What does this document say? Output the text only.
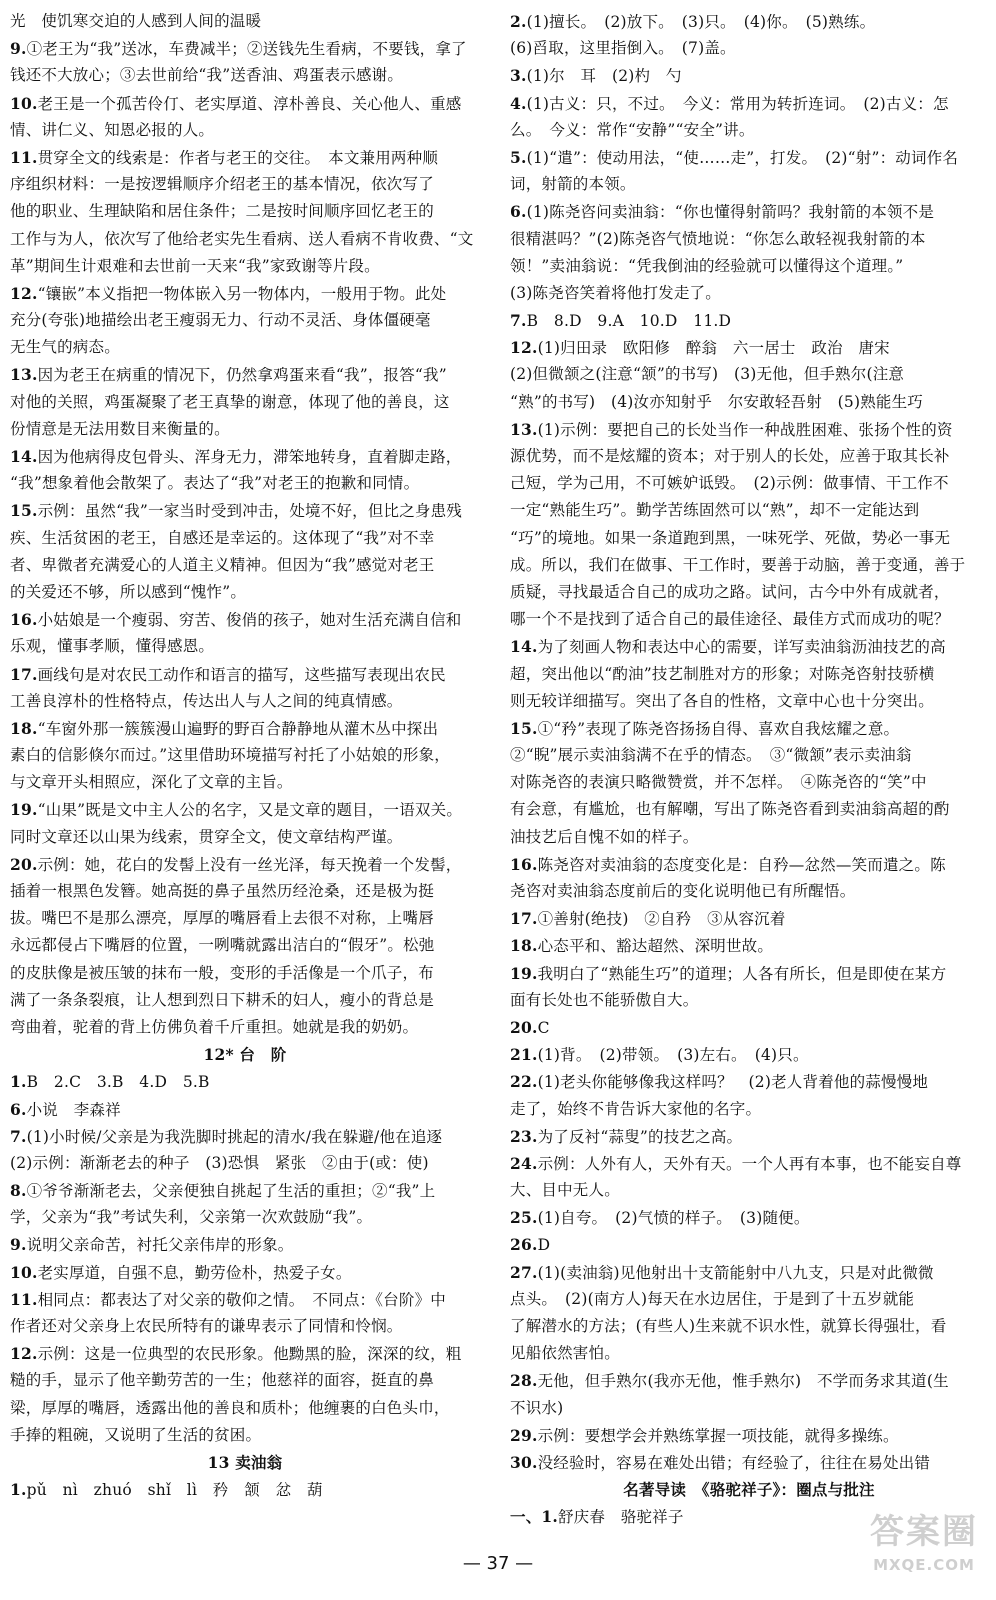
光　使饥寒交迫的人感到人间的温暖
9.①老王为“我”送冰，车费减半；②送钱先生看病，不要钱，拿了
钱还不大放心；③去世前给“我”送香油、鸡蛋表示感谢。
10.老王是一个孤苦伶仃、老实厚道、淳朴善良、关心他人、重感
情、讲仁义、知恩必报的人。
11.贯穿全文的线索是：作者与老王的交往。　本文兼用两种顺
序组织材料：一是按逻辑顺序介绍老王的基本情况，依次写了
他的职业、生理缺陷和居住条件；二是按时间顺序回忆老王的
工作与为人，依次写了他给老实先生看病、送人看病不肯收费、“文
革”期间生计艰难和去世前一天来“我”家致谢等片段。
12.“镶嵌”本义指把一物体嵌入另一物体内，一般用于物。此处
充分(夸张)地描绘出老王瘦弱无力、行动不灵活、身体僵硬毫
无生气的病态。
13.因为老王在病重的情况下，仍然拿鸡蛋来看“我”，报答“我”
对他的关照，鸡蛋凝聚了老王真挚的谢意，体现了他的善良，这
份情意是无法用数目来衡量的。
14.因为他病得皮包骨头、浑身无力，滞笨地转身，直着脚走路，
“我”想象着他会散架了。表达了“我”对老王的抱歉和同情。
15.示例：虽然“我”一家当时受到冲击，处境不好，但比之身患残
疾、生活贫困的老王，自感还是幸运的。这体现了“我”对不幸
者、卑微者充满爱心的人道主义精神。但因为“我”感觉对老王
的关爱还不够，所以感到“愧怍”。
16.小姑娘是一个瘦弱、穷苦、俊俏的孩子，她对生活充满自信和
乐观，懂事孝顺，懂得感恩。
17.画线句是对农民工动作和语言的描写，这些描写表现出农民
工善良淳朴的性格特点，传达出人与人之间的纯真情感。
18.“车窗外那一簇簇漫山遍野的野百合静静地从灌木丛中探出
素白的信影倏尔而过。”这里借助环境描写衬托了小姑娘的形象，
与文章开头相照应，深化了文章的主旨。
19.“山果”既是文中主人公的名字，又是文章的题目，一语双关。
同时文章还以山果为线索，贯穿全文，使文章结构严谨。
20.示例：她，花白的发髻上没有一丝光泽，每天挽着一个发髻，
插着一根黑色发簪。她高挺的鼻子虽然历经沧桑，还是极为挺
拔。嘴巴不是那么漂亮，厚厚的嘴唇看上去很不对称，上嘴唇
永远都侵占下嘴唇的位置，一咧嘴就露出洁白的“假牙”。松弛
的皮肤像是被压皱的抹布一般，变形的手活像是一个爪子，布
满了一条条裂痕，让人想到烈日下耕禾的妇人，瘦小的背总是
弯曲着，驼着的背上仿佛负着千斤重担。她就是我的奶奶。
12* 台　阶
1.B　2.C　3.B　4.D　5.B
6.小说　李森祥
7.(1)小时候/父亲是为我洗脚时挑起的清水/我在躲避/他在追逐
(2)示例：渐渐老去的种子　(3)恐惧　紧张　②由于(或：使)
8.①爷爷渐渐老去，父亲便独自挑起了生活的重担；②“我”上
学，父亲为“我”考试失利，父亲第一次欢鼓励“我”。
9.说明父亲命苦，衬托父亲伟岸的形象。
10.老实厚道，自强不息，勤劳俭朴，热爱子女。
11.相同点：都表达了对父亲的敬仰之情。　不同点：《台阶》中
作者还对父亲身上农民所特有的谦卑表示了同情和怜悯。
12.示例：这是一位典型的农民形象。他黝黑的脸，深深的纹，粗
糙的手，显示了他辛勤劳苦的一生；他慈祥的面容，挺直的鼻
梁，厚厚的嘴唇，透露出他的善良和质朴；他缠裹的白色头巾，
手捧的粗碗，又说明了生活的贫困。
13 卖油翁
1.pǔ　nì　zhuó　shǐ　lì　矜　颔　忿　葫
2.(1)擅长。　(2)放下。　(3)只。　(4)你。　(5)熟练。
(6)舀取，这里指倒入。　(7)盖。
3.(1)尔　耳　(2)杓　勺
4.(1)古义：只，不过。　今义：常用为转折连词。　(2)古义：怎
么。　今义：常作“安静”“安全”讲。
5.(1)“遣”：使动用法，“使……走”，打发。　(2)“射”：动词作名
词，射箭的本领。
6.(1)陈尧咨问卖油翁：“你也懂得射箭吗？我射箭的本领不是
很精湛吗？”(2)陈尧咨气愤地说：“你怎么敢轻视我射箭的本
领！”卖油翁说：“凭我倒油的经验就可以懂得这个道理。”
(3)陈尧咨笑着将他打发走了。
7.B　8.D　9.A　10.D　11.D
12.(1)归田录　欧阳修　醉翁　六一居士　政治　唐宋
(2)但微颔之(注意“颔”的书写)　(3)无他，但手熟尔(注意
“熟”的书写)　(4)汝亦知射乎　尔安敢轻吾射　(5)熟能生巧
13.(1)示例：要把自己的长处当作一种战胜困难、张扬个性的资
源优势，而不是炫耀的资本；对于别人的长处，应善于取其长补
己短，学为己用，不可嫉妒诋毁。　(2)示例：做事情、干工作不
一定“熟能生巧”。勤学苦练固然可以“熟”，却不一定能达到
“巧”的境地。如果一条道跑到黑，一味死学、死做，势必一事无
成。所以，我们在做事、干工作时，要善于动脑，善于变通，善于
质疑，寻找最适合自己的成功之路。试问，古今中外有成就者，
哪一个不是找到了适合自己的最佳途径、最佳方式而成功的呢？
14.为了刻画人物和表达中心的需要，详写卖油翁沥油技艺的高
超，突出他以“酌油”技艺制胜对方的形象；对陈尧咨射技骄横
则无较详细描写。突出了各自的性格，文章中心也十分突出。
15.①“矜”表现了陈尧咨扬扬自得、喜欢自我炫耀之意。
②“睨”展示卖油翁满不在乎的情态。　③“微颔”表示卖油翁
对陈尧咨的表演只略微赞赏，并不怎样。　④陈尧咨的“笑”中
有会意，有尴尬，也有解嘲，写出了陈尧咨看到卖油翁高超的酌
油技艺后自愧不如的样子。
16.陈尧咨对卖油翁的态度变化是：自矜—忿然—笑而遣之。陈
尧咨对卖油翁态度前后的变化说明他已有所醒悟。
17.①善射(绝技)　②自矜　③从容沉着
18.心态平和、豁达超然、深明世故。
19.我明白了“熟能生巧”的道理；人各有所长，但是即使在某方
面有长处也不能骄傲自大。
20.C
21.(1)背。　(2)带领。　(3)左右。　(4)只。
22.(1)老头你能够像我这样吗？　(2)老人背着他的蒜慢慢地
走了，始终不肯告诉大家他的名字。
23.为了反衬“蒜叟”的技艺之高。
24.示例：人外有人，天外有天。一个人再有本事，也不能妄自尊
大、目中无人。
25.(1)自夸。　(2)气愤的样子。　(3)随便。
26.D
27.(1)(卖油翁)见他射出十支箭能射中八九支，只是对此微微
点头。　(2)(南方人)每天在水边居住，于是到了十五岁就能
了解潜水的方法；(有些人)生来就不识水性，就算长得强壮，看
见船依然害怕。
28.无他，但手熟尔(我亦无他，惟手熟尔)　不学而务求其道(生
不识水)
29.示例：要想学会并熟练掌握一项技能，就得多操练。
30.没经验时，容易在难处出错；有经验了，往往在易处出错
名著导读　《骆驼祥子》：圈点与批注
一、1.舒庆春　骆驼祥子
— 37 —
答案圈
MXQE.COM
